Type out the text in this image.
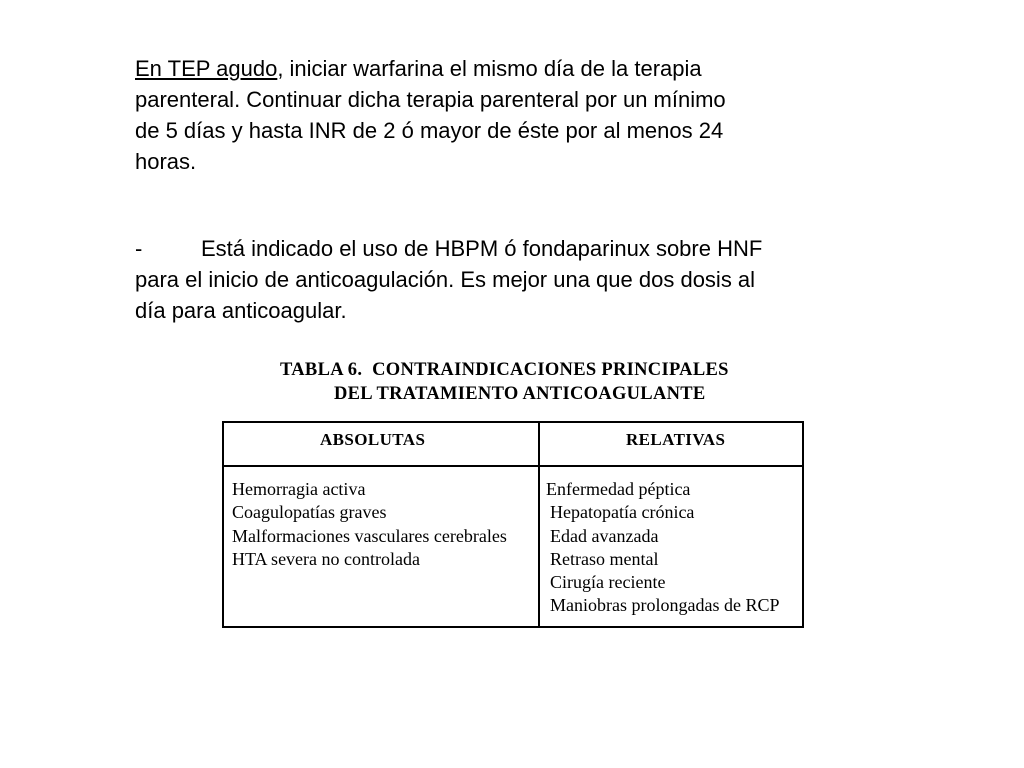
En TEP agudo, iniciar warfarina el mismo día de la terapia parenteral. Continuar dicha terapia parenteral por un mínimo de 5 días y hasta INR de 2 ó mayor de éste por al menos 24 horas.

-	Está indicado el uso de HBPM ó fondaparinux sobre HNF para el inicio de anticoagulación. Es mejor una que dos dosis al día para anticoagular.

TABLA 6.  CONTRAINDICACIONES PRINCIPALES
DEL TRATAMIENTO ANTICOAGULANTE
ABSOLUTAS	RELATIVAS
Hemorragia activa
Coagulopatías graves
Malformaciones vasculares cerebrales
HTA severa no controlada
Enfermedad péptica
Hepatopatía crónica
Edad avanzada
Retraso mental
Cirugía reciente
Maniobras prolongadas de RCP
